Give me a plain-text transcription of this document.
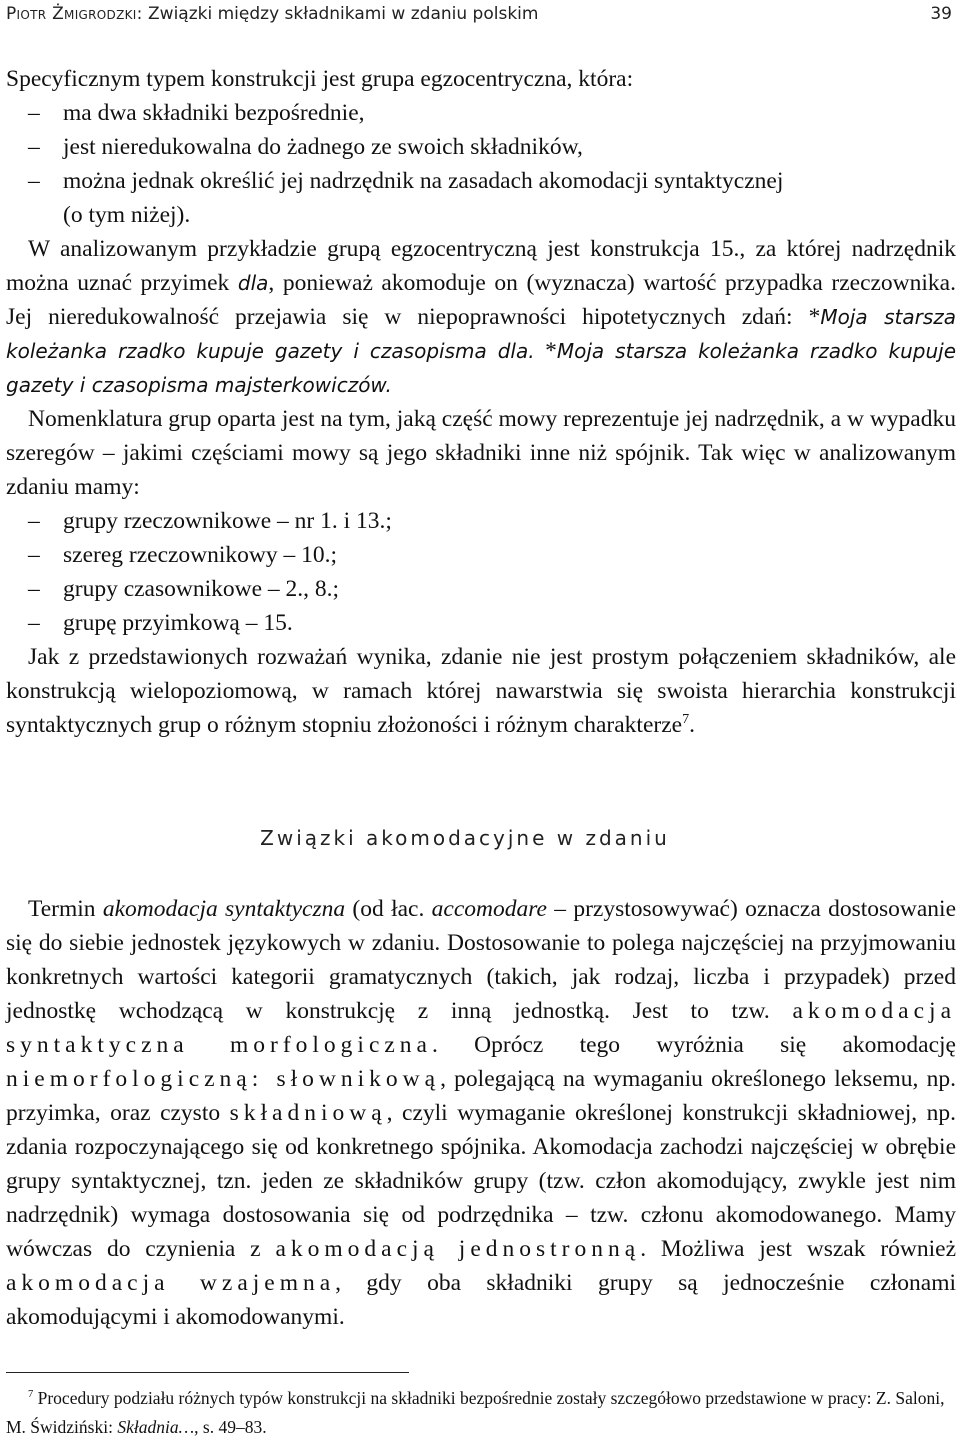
Piotr Żmigrodzki: Związki między składnikami w zdaniu polskim	39

Specyficznym typem konstrukcji jest grupa egzocentryczna, która:

– ma dwa składniki bezpośrednie,

– jest nieredukowalna do żadnego ze swoich składników,

– można jednak określić jej nadrzędnik na zasadach akomodacji syntaktycznej

(o tym niżej).

W analizowanym przykładzie grupą egzocentryczną jest konstrukcja 15., za której nadrzędnik można uznać przyimek dla, ponieważ akomoduje on (wyznacza) wartość przypadka rzeczownika. Jej nieredukowalność przejawia się w niepoprawności hipotetycznych zdań: *Moja starsza koleżanka rzadko kupuje gazety i czasopisma dla. *Moja starsza koleżanka rzadko kupuje gazety i czasopisma majsterkowiczów.

Nomenklatura grup oparta jest na tym, jaką część mowy reprezentuje jej nadrzędnik, a w wypadku szeregów – jakimi częściami mowy są jego składniki inne niż spójnik. Tak więc w analizowanym zdaniu mamy:

– grupy rzeczownikowe – nr 1. i 13.;

– szereg rzeczownikowy – 10.;

– grupy czasownikowe – 2., 8.;

– grupę przyimkową – 15.

Jak z przedstawionych rozważań wynika, zdanie nie jest prostym połączeniem składników, ale konstrukcją wielopoziomową, w ramach której nawarstwia się swoista hierarchia konstrukcji syntaktycznych grup o różnym stopniu złożoności i różnym charakterze$^7$.

Związki akomodacyjne w zdaniu
Termin akomodacja syntaktyczna (od łac. accomodare – przystosowywać) oznacza dostosowanie się do siebie jednostek językowych w zdaniu. Dostosowanie to polega najczęściej na przyjmowaniu konkretnych wartości kategorii gramatycznych (takich, jak rodzaj, liczba i przypadek) przed jednostkę wchodzącą w konstrukcję z inną jednostką. Jest to tzw. akomodacja syntaktyczna morfologiczna. Oprócz tego wyróżnia się akomodację niemorfologiczną: słownikową, polegającą na wymaganiu określonego leksemu, np. przyimka, oraz czysto składniową, czyli wymaganie określonej konstrukcji składniowej, np. zdania rozpoczynającego się od konkretnego spójnika. Akomodacja zachodzi najczęściej w obrębie grupy syntaktycznej, tzn. jeden ze składników grupy (tzw. człon akomodujący, zwykle jest nim nadrzędnik) wymaga dostosowania się od podrzędnika – tzw. członu akomodowanego. Mamy wówczas do czynienia z akomodacją jednostronną. Możliwa jest wszak również akomodacja wzajemna, gdy oba składniki grupy są jednocześnie członami akomodującymi i akomodowanymi.
$^7$ Procedury podziału różnych typów konstrukcji na składniki bezpośrednie zostały szczegółowo przedstawione w pracy: Z. Saloni, M. Świdziński: Składnia…, s. 49–83.
